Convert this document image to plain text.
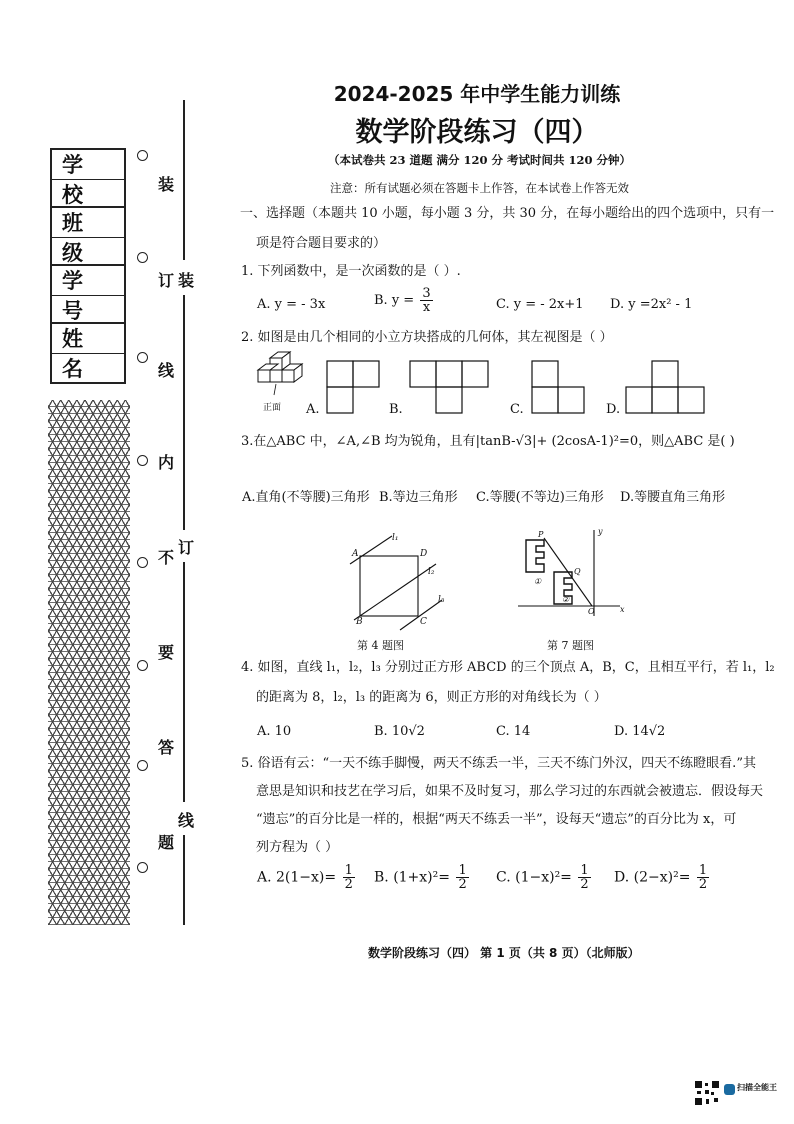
学 校
班 级
学 号
姓 名
装
订
线
内
不
要
答
题
装
订
线
2024-2025 年中学生能力训练
数学阶段练习（四）
（本试卷共 23 道题 满分 120 分 考试时间共 120 分钟）
注意：所有试题必须在答题卡上作答，在本试卷上作答无效
一、选择题（本题共 10 小题，每小题 3 分，共 30 分，在每小题给出的四个选项中，只有一
项是符合题目要求的）
1. 下列函数中，是一次函数的是（ ）.
A. y = - 3x	B. $y = \frac{3}{x}$	C. y = - 2x+1 D. y =2x² - 1
2. 如图是由几个相同的小立方块搭成的几何体，其左视图是（ ）
正面 A.	B.	C.	D.
3.在△ABC 中，∠A,∠B 均为锐角，且有|tanB-√3|+ (2cosA-1)²=0，则△ABC 是( )
A.直角(不等腰)三角形 B.等边三角形 C.等腰(不等边)三角形 D.等腰直角三角形
A	D
B	C
l₁
l₂
l₃
第 4 题图
P
Q
O	x
y
①
②
第 7 题图
4. 如图，直线 l₁，l₂，l₃ 分别过正方形 ABCD 的三个顶点 A，B，C，且相互平行，若 l₁，l₂
的距离为 8，l₂，l₃ 的距离为 6，则正方形的对角线长为（ ）
A. 10	B. 10√2	C. 14	D. 14√2
5. 俗语有云：“一天不练手脚慢，两天不练丢一半，三天不练门外汉，四天不练瞪眼看.”其
意思是知识和技艺在学习后，如果不及时复习，那么学习过的东西就会被遗忘．假设每天
“遗忘”的百分比是一样的，根据“两天不练丢一半”，设每天“遗忘”的百分比为 x，可
列方程为（ ）
A. $2(1-x)= \frac{1}{2} B$. $(1+x)^2= \frac{1}{2} C$. $(1-x)^2= \frac{1}{2} D$. $(2-x)^2= \frac{1}{2}$
数学阶段练习（四） 第 1 页（共 8 页）（北师版）
扫描全能王
